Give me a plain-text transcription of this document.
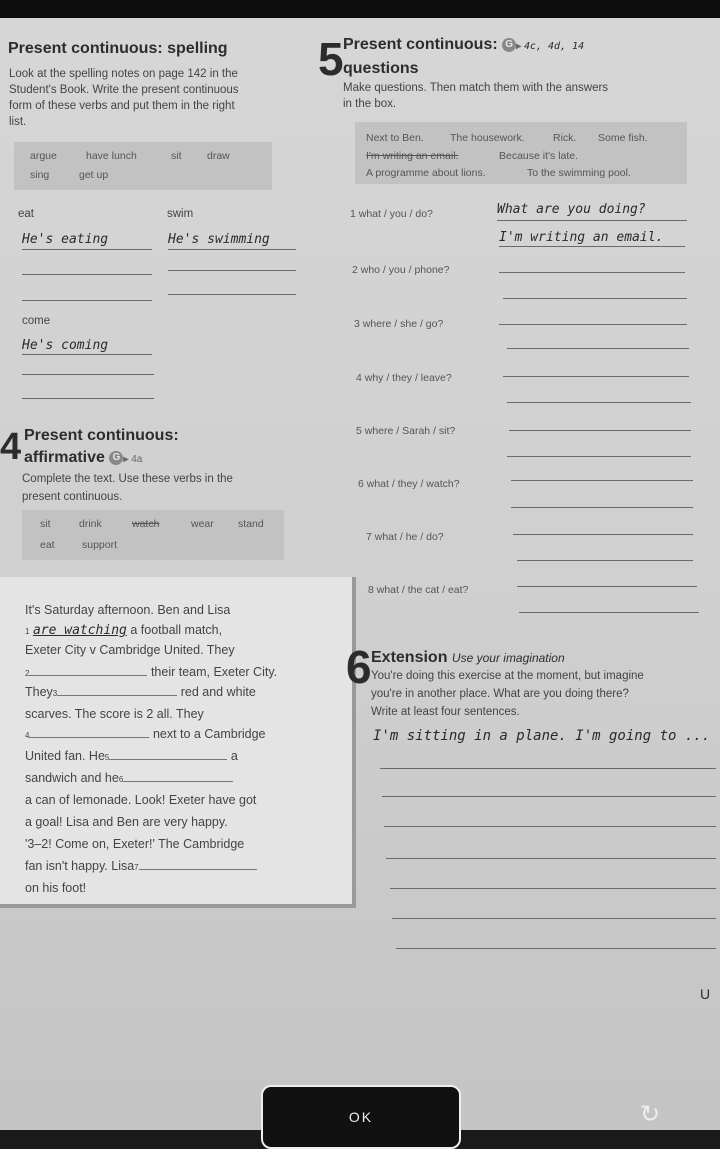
Present continuous: spelling
Look at the spelling notes on page 142 in the
Student's Book. Write the present continuous
form of these verbs and put them in the right
list.
argue	have lunch	sit draw
sing	get up
eat	swim
He's eating	He's swimming
come
He's coming
4 Present continuous:
affirmative G ▸ 4a
Complete the text. Use these verbs in the
present continuous.
sit	drink	watch	wear stand
eat	support
It's Saturday afternoon. Ben and Lisa
1 are watching a football match,
Exeter City v Cambridge United. They
2	their team, Exeter City.
They3	red and white
scarves. The score is 2 all. They
4	next to a Cambridge
United fan. He5	a
sandwich and he6
a can of lemonade. Look! Exeter have got
a goal! Lisa and Ben are very happy.
'3–2! Come on, Exeter!' The Cambridge
fan isn't happy. Lisa7
on his foot!
5 Present continuous: G ▸ 4c, 4d, 14
questions
Make questions. Then match them with the answers
in the box.
Next to Ben. The housework.	Rick. Some fish.
I'm writing an email.	Because it's late.
A programme about lions.	To the swimming pool.
1 what / you / do?	What are you doing?
I'm writing an email.
2 who / you / phone?
3 where / she / go?
4 why / they / leave?
5 where / Sarah / sit?
6 what / they / watch?
7 what / he / do?
8 what / the cat / eat?
6 Extension Use your imagination
You're doing this exercise at the moment, but imagine
you're in another place. What are you doing there?
Write at least four sentences.
I'm sitting in a plane. I'm going to ...
U
OK	↻
